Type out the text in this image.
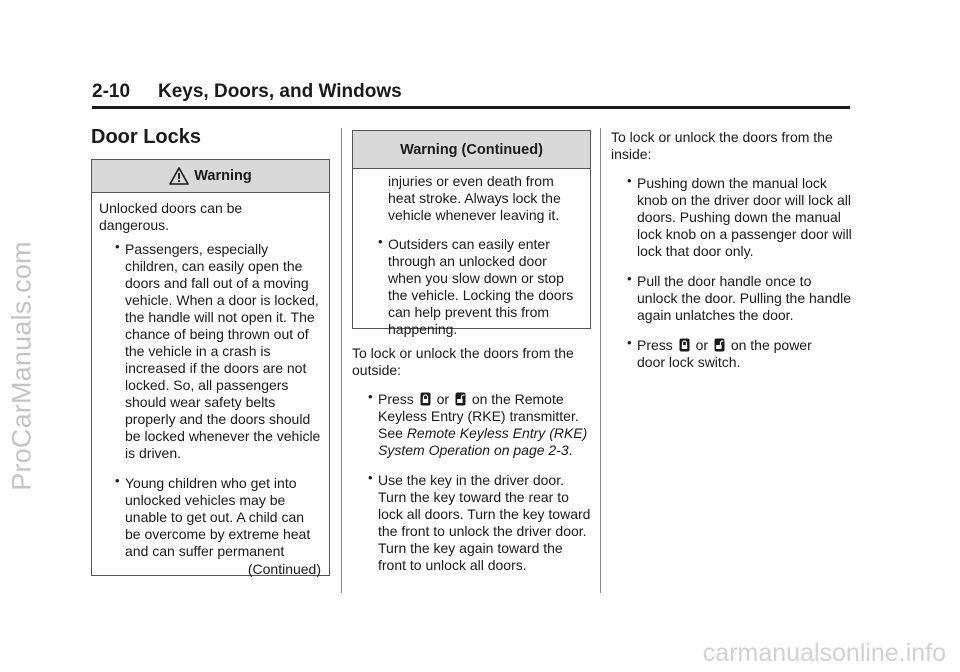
ProCarManuals.com
2-10 Keys, Doors, and Windows
Door Locks
Warning

Unlocked doors can be dangerous.

• Passengers, especially children, can easily open the doors and fall out of a moving vehicle. When a door is locked, the handle will not open it. The chance of being thrown out of the vehicle in a crash is increased if the doors are not locked. So, all passengers should wear safety belts properly and the doors should be locked whenever the vehicle is driven.
• Young children who get into unlocked vehicles may be unable to get out. A child can be overcome by extreme heat and can suffer permanent
(Continued)
Warning (Continued)

injuries or even death from heat stroke. Always lock the vehicle whenever leaving it.

• Outsiders can easily enter through an unlocked door when you slow down or stop the vehicle. Locking the doors can help prevent this from happening.

To lock or unlock the doors from the outside:

• Press or on the Remote Keyless Entry (RKE) transmitter. See Remote Keyless Entry (RKE) System Operation on page 2-3.
• Use the key in the driver door. Turn the key toward the rear to lock all doors. Turn the key toward the front to unlock the driver door. Turn the key again toward the front to unlock all doors.

To lock or unlock the doors from the inside:

• Pushing down the manual lock knob on the driver door will lock all doors. Pushing down the manual lock knob on a passenger door will lock that door only.
• Pull the door handle once to unlock the door. Pulling the handle again unlatches the door.
• Press or on the power door lock switch.
carmanualsonline.info
